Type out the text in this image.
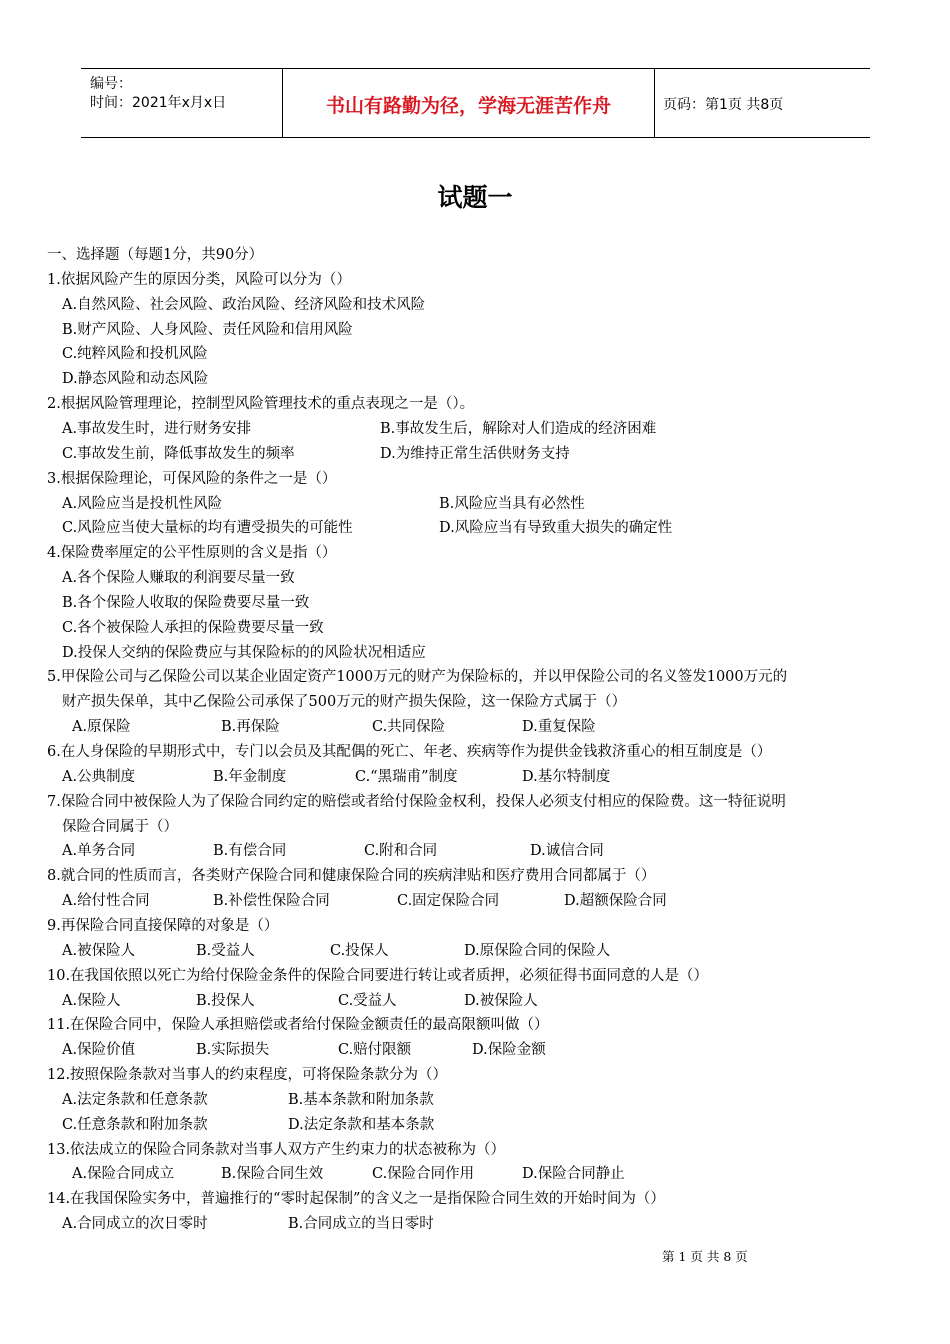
编号：
时间：2021年x月x日	书山有路勤为径，学海无涯苦作舟	页码：第1页 共8页
试题一
一、选择题（每题1分，共90分）
1.依据风险产生的原因分类，风险可以分为（）
A.自然风险、社会风险、政治风险、经济风险和技术风险
B.财产风险、人身风险、责任风险和信用风险
C.纯粹风险和投机风险
D.静态风险和动态风险
2.根据风险管理理论，控制型风险管理技术的重点表现之一是（）。
A.事故发生时，进行财务安排	B.事故发生后，解除对人们造成的经济困难
C.事故发生前，降低事故发生的频率	D.为维持正常生活供财务支持
3.根据保险理论，可保风险的条件之一是（）
A.风险应当是投机性风险	B.风险应当具有必然性
C.风险应当使大量标的均有遭受损失的可能性	D.风险应当有导致重大损失的确定性
4.保险费率厘定的公平性原则的含义是指（）
A.各个保险人赚取的利润要尽量一致
B.各个保险人收取的保险费要尽量一致
C.各个被保险人承担的保险费要尽量一致
D.投保人交纳的保险费应与其保险标的的风险状况相适应
5.甲保险公司与乙保险公司以某企业固定资产1000万元的财产为保险标的，并以甲保险公司的名义签发1000万元的
财产损失保单，其中乙保险公司承保了500万元的财产损失保险，这一保险方式属于（）
A.原保险	B.再保险	C.共同保险	D.重复保险
6.在人身保险的早期形式中，专门以会员及其配偶的死亡、年老、疾病等作为提供金钱救济重心的相互制度是（）
A.公典制度	B.年金制度	C.“黑瑞甫”制度	D.基尔特制度
7.保险合同中被保险人为了保险合同约定的赔偿或者给付保险金权利，投保人必须支付相应的保险费。这一特征说明
保险合同属于（）
A.单务合同	B.有偿合同	C.附和合同	D.诚信合同
8.就合同的性质而言，各类财产保险合同和健康保险合同的疾病津贴和医疗费用合同都属于（）
A.给付性合同	B.补偿性保险合同	C.固定保险合同	D.超额保险合同
9.再保险合同直接保障的对象是（）
A.被保险人	B.受益人	C.投保人	D.原保险合同的保险人
10.在我国依照以死亡为给付保险金条件的保险合同要进行转让或者质押，必须征得书面同意的人是（）
A.保险人	B.投保人	C.受益人	D.被保险人
11.在保险合同中，保险人承担赔偿或者给付保险金额责任的最高限额叫做（）
A.保险价值	B.实际损失	C.赔付限额	D.保险金额
12.按照保险条款对当事人的约束程度，可将保险条款分为（）
A.法定条款和任意条款	B.基本条款和附加条款
C.任意条款和附加条款	D.法定条款和基本条款
13.依法成立的保险合同条款对当事人双方产生约束力的状态被称为（）
A.保险合同成立	B.保险合同生效	C.保险合同作用	D.保险合同静止
14.在我国保险实务中，普遍推行的“零时起保制”的含义之一是指保险合同生效的开始时间为（）
A.合同成立的次日零时	B.合同成立的当日零时
第 1 页 共 8 页
